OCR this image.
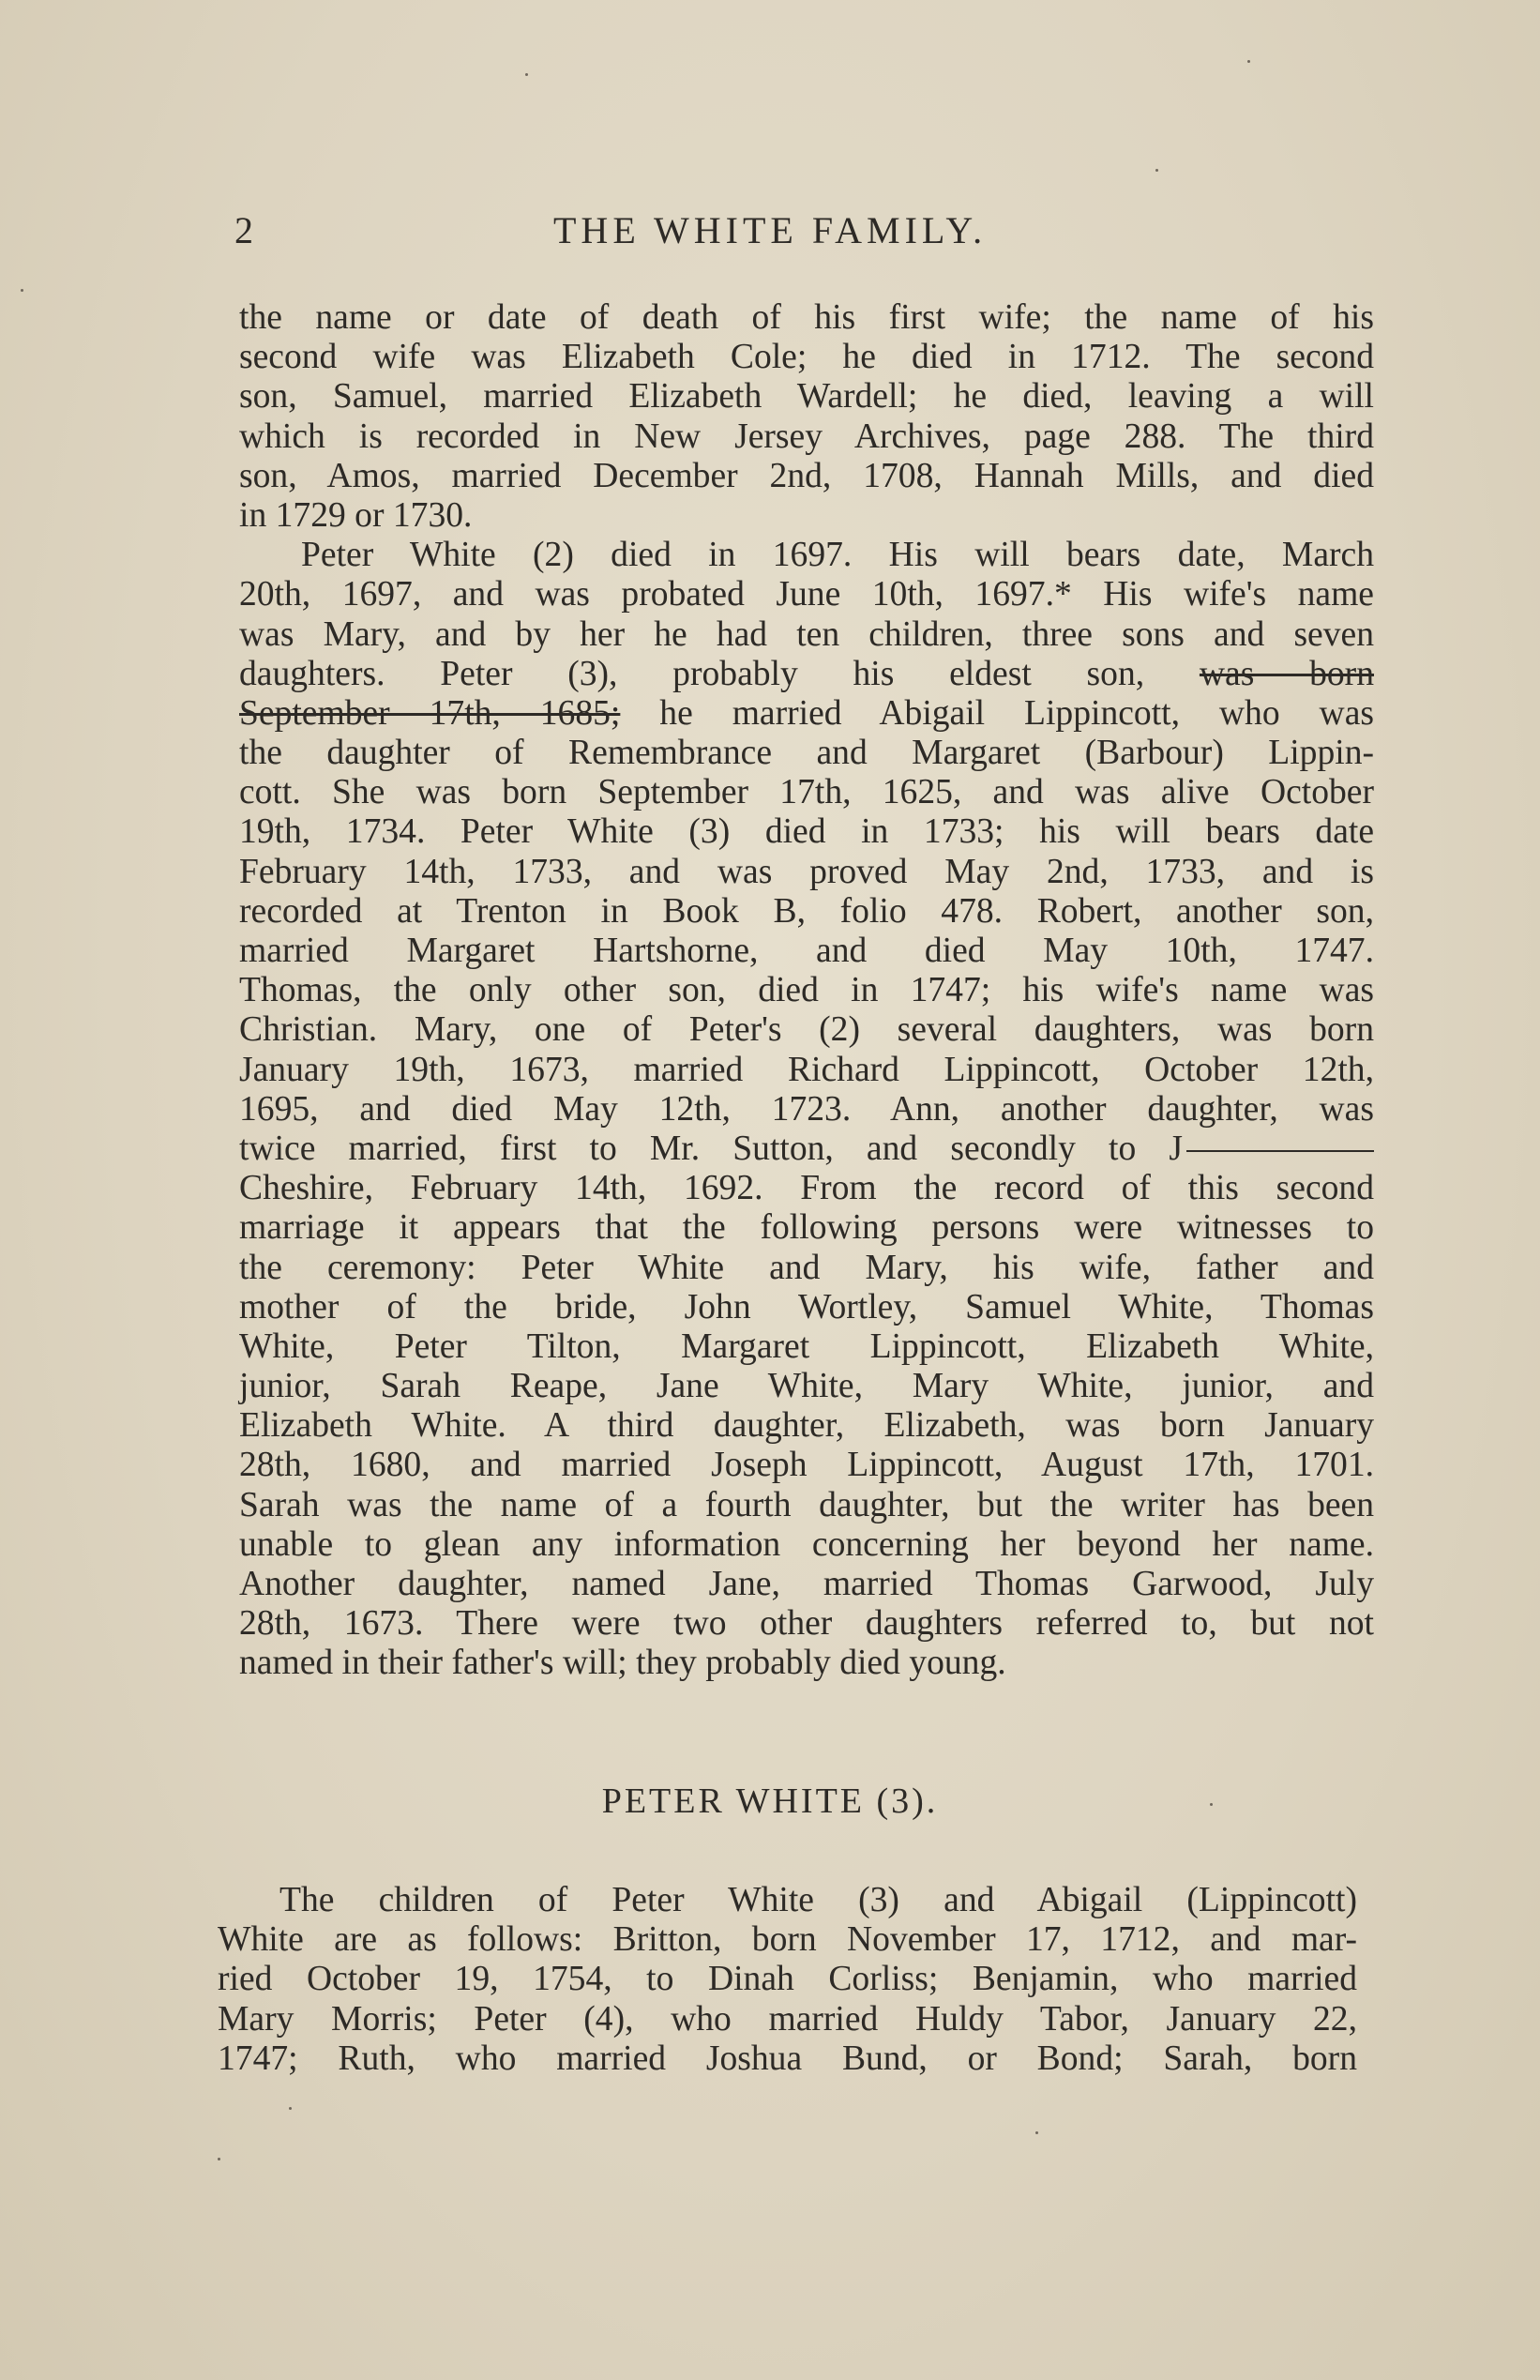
2	THE WHITE FAMILY.
the name or date of death of his first wife; the name of his
second wife was Elizabeth Cole; he died in 1712. The second
son, Samuel, married Elizabeth Wardell; he died, leaving a will
which is recorded in New Jersey Archives, page 288. The third
son, Amos, married December 2nd, 1708, Hannah Mills, and died
in 1729 or 1730.
Peter White (2) died in 1697. His will bears date, March
20th, 1697, and was probated June 10th, 1697.* His wife's name
was Mary, and by her he had ten children, three sons and seven
daughters. Peter (3), probably his eldest son, was born
September 17th, 1685; he married Abigail Lippincott, who was
the daughter of Remembrance and Margaret (Barbour) Lippin-
cott. She was born September 17th, 1625, and was alive October
19th, 1734. Peter White (3) died in 1733; his will bears date
February 14th, 1733, and was proved May 2nd, 1733, and is
recorded at Trenton in Book B, folio 478. Robert, another son,
married Margaret Hartshorne, and died May 10th, 1747.
Thomas, the only other son, died in 1747; his wife's name was
Christian. Mary, one of Peter's (2) several daughters, was born
January 19th, 1673, married Richard Lippincott, October 12th,
1695, and died May 12th, 1723. Ann, another daughter, was
twice married, first to Mr. Sutton, and secondly to J
Cheshire, February 14th, 1692. From the record of this second
marriage it appears that the following persons were witnesses to
the ceremony: Peter White and Mary, his wife, father and
mother of the bride, John Wortley, Samuel White, Thomas
White, Peter Tilton, Margaret Lippincott, Elizabeth White,
junior, Sarah Reape, Jane White, Mary White, junior, and
Elizabeth White. A third daughter, Elizabeth, was born January
28th, 1680, and married Joseph Lippincott, August 17th, 1701.
Sarah was the name of a fourth daughter, but the writer has been
unable to glean any information concerning her beyond her name.
Another daughter, named Jane, married Thomas Garwood, July
28th, 1673. There were two other daughters referred to, but not
named in their father's will; they probably died young.
PETER WHITE (3).
The children of Peter White (3) and Abigail (Lippincott)
White are as follows: Britton, born November 17, 1712, and mar-
ried October 19, 1754, to Dinah Corliss; Benjamin, who married
Mary Morris; Peter (4), who married Huldy Tabor, January 22,
1747; Ruth, who married Joshua Bund, or Bond; Sarah, born
